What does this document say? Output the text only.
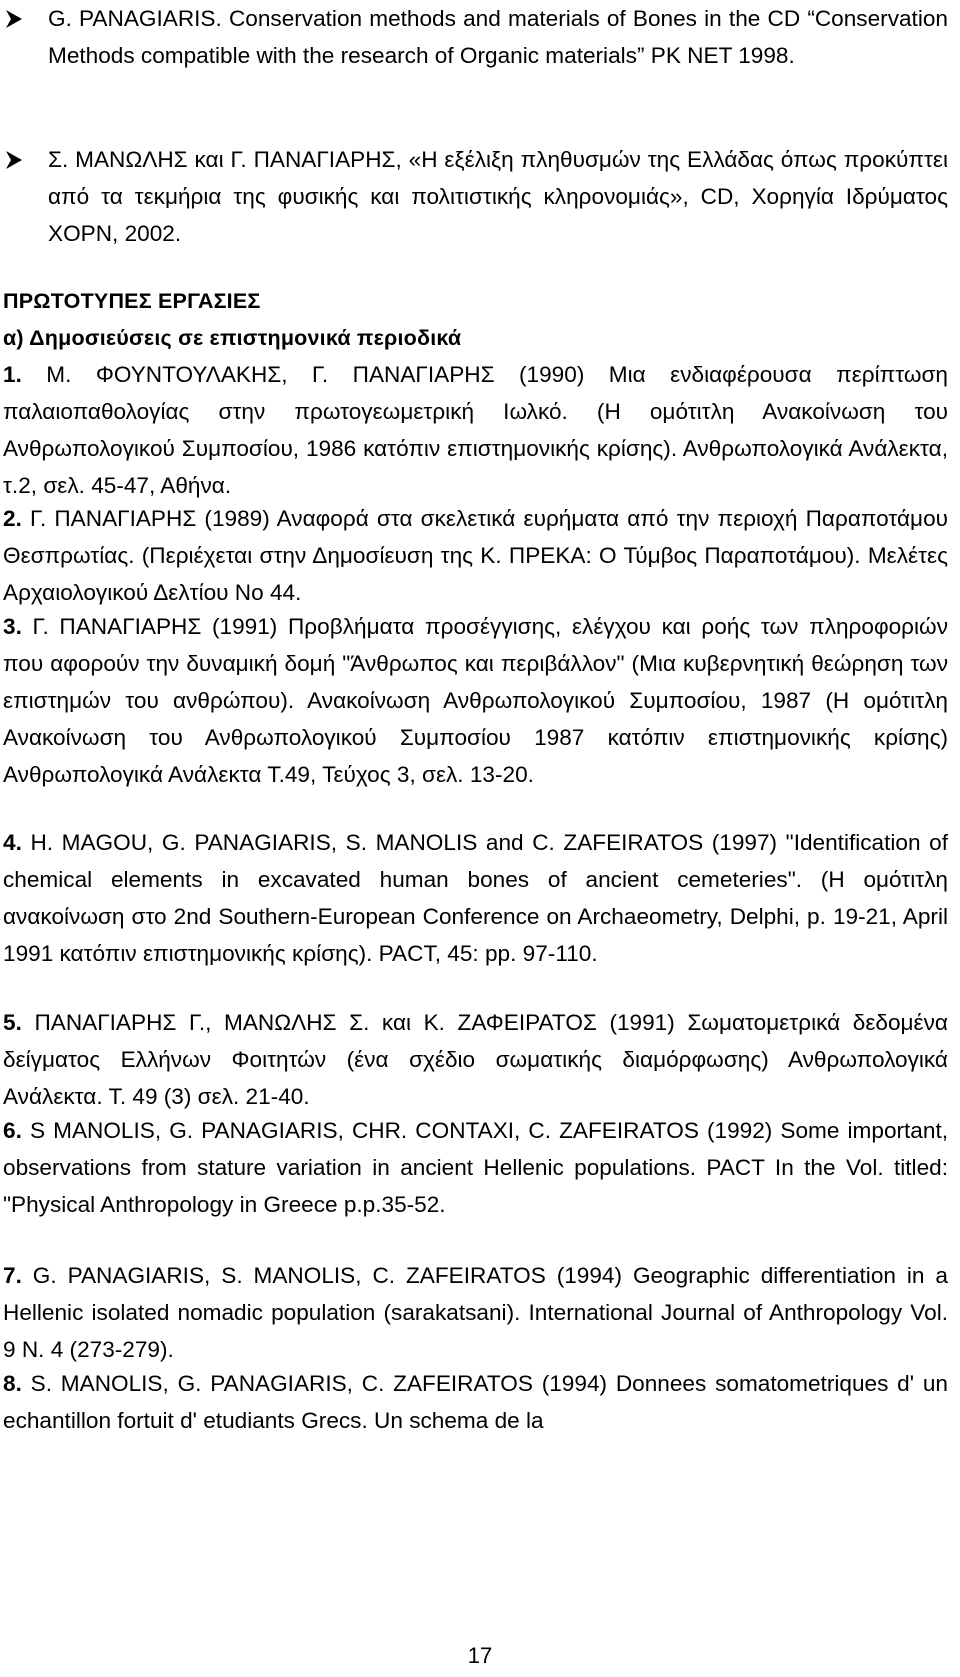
G. PANAGIARIS. Conservation methods and materials of Bones in the CD “Conservation Methods compatible with the research of Organic materials” PK NET 1998.
Σ. ΜΑΝΩΛΗΣ και Γ. ΠΑΝΑΓΙΑΡΗΣ, «Η εξέλιξη πληθυσμών της Ελλάδας όπως προκύπτει από τα τεκμήρια της φυσικής και πολιτιστικής κληρονομιάς», CD, Χορηγία Ιδρύματος ΧΟΡΝ, 2002.
ΠΡΩΤΟΤΥΠΕΣ ΕΡΓΑΣΙΕΣ
α) Δημοσιεύσεις σε επιστημονικά περιοδικά

1. Μ. ΦΟΥΝΤΟΥΛΑΚΗΣ, Γ. ΠΑΝΑΓΙΑΡΗΣ (1990) Μια ενδιαφέρουσα περίπτωση παλαιοπαθολογίας στην πρωτογεωμετρική Ιωλκό. (Η ομότιτλη Ανακοίνωση του Ανθρωπολογικού Συμποσίου, 1986 κατόπιν επιστημονικής κρίσης). Ανθρωπολογικά Ανάλεκτα, τ.2, σελ. 45-47, Αθήνα.

2. Γ. ΠΑΝΑΓΙΑΡΗΣ (1989) Αναφορά στα σκελετικά ευρήματα από την περιοχή Παραποτάμου Θεσπρωτίας. (Περιέχεται στην Δημοσίευση της Κ. ΠΡΕΚΑ: Ο Τύμβος Παραποτάμου). Μελέτες Αρχαιολογικού Δελτίου Νο 44.

3. Γ. ΠΑΝΑΓΙΑΡΗΣ (1991) Προβλήματα προσέγγισης, ελέγχου και ροής των πληροφοριών που αφορούν την δυναμική δομή "Άνθρωπος και περιβάλλον" (Μια κυβερνητική θεώρηση των επιστημών του ανθρώπου). Ανακοίνωση Ανθρωπολογικού Συμποσίου, 1987 (Η ομότιτλη Ανακοίνωση του Ανθρωπολογικού Συμποσίου 1987 κατόπιν επιστημονικής κρίσης) Ανθρωπολογικά Ανάλεκτα Τ.49, Τεύχος 3, σελ. 13-20.

4. H. MAGOU, G. PANAGIARIS, S. MANOLIS and C. ZAFEIRATOS (1997) "Identification of chemical elements in excavated human bones of ancient cemeteries". (Η ομότιτλη ανακοίνωση στο 2nd Southern-European Conference on Archaeometry, Delphi, p. 19-21, April 1991 κατόπιν επιστημονικής κρίσης). PACT, 45: pp. 97-110.

5. ΠΑΝΑΓΙΑΡΗΣ Γ., ΜΑΝΩΛΗΣ Σ. και Κ. ΖΑΦΕΙΡΑΤΟΣ (1991) Σωματομετρικά δεδομένα δείγματος Ελλήνων Φοιτητών (ένα σχέδιο σωματικής διαμόρφωσης) Ανθρωπολογικά Ανάλεκτα. Τ. 49 (3) σελ. 21-40.

6. S MANOLIS, G. PANAGIARIS, CHR. CONTAXI, C. ZAFEIRATOS (1992) Some important, observations from stature variation in ancient Hellenic populations. PACT In the Vol. titled: "Physical Anthropology in Greece p.p.35-52.

7. G. PANAGIARIS, S. MANOLIS, C. ZAFEIRATOS (1994) Geographic differentiation in a Hellenic isolated nomadic population (sarakatsani). International Journal of Anthropology Vol. 9 N. 4 (273-279).

8. S. MANOLIS, G. PANAGIARIS, C. ZAFEIRATOS (1994) Donnees somatometriques d' un echantillon fortuit d' etudiants Grecs. Un schema de la

17
